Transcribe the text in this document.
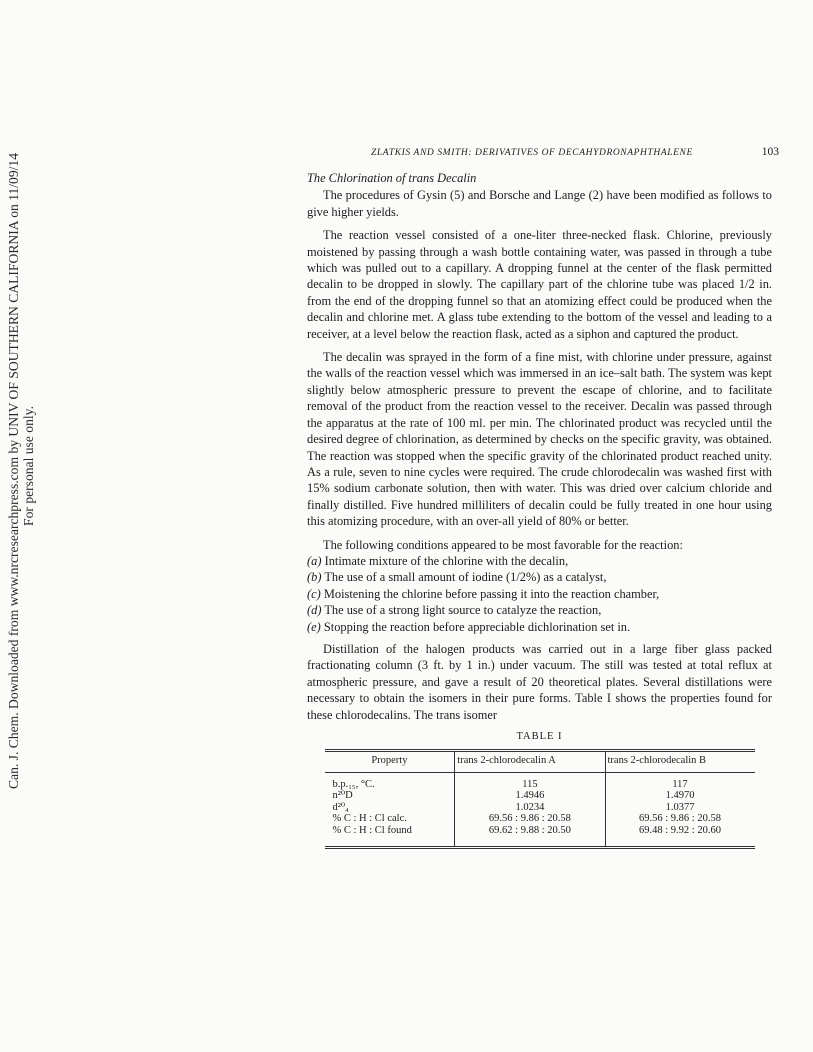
Can. J. Chem. Downloaded from www.nrcresearchpress.com by UNIV OF SOUTHERN CALIFORNIA on 11/09/14 For personal use only.
ZLATKIS AND SMITH: DERIVATIVES OF DECAHYDRONAPHTHALENE	103

The Chlorination of trans Decalin

The procedures of Gysin (5) and Borsche and Lange (2) have been modified as follows to give higher yields.

The reaction vessel consisted of a one-liter three-necked flask. Chlorine, previously moistened by passing through a wash bottle containing water, was passed in through a tube which was pulled out to a capillary. A dropping funnel at the center of the flask permitted decalin to be dropped in slowly. The capillary part of the chlorine tube was placed 1/2 in. from the end of the dropping funnel so that an atomizing effect could be produced when the decalin and chlorine met. A glass tube extending to the bottom of the vessel and leading to a receiver, at a level below the reaction flask, acted as a siphon and captured the product.

The decalin was sprayed in the form of a fine mist, with chlorine under pressure, against the walls of the reaction vessel which was immersed in an ice–salt bath. The system was kept slightly below atmospheric pressure to prevent the escape of chlorine, and to facilitate removal of the product from the reaction vessel to the receiver. Decalin was passed through the apparatus at the rate of 100 ml. per min. The chlorinated product was recycled until the desired degree of chlorination, as determined by checks on the specific gravity, was obtained. The reaction was stopped when the specific gravity of the chlorinated product reached unity. As a rule, seven to nine cycles were required. The crude chlorodecalin was washed first with 15% sodium carbonate solution, then with water. This was dried over calcium chloride and finally distilled. Five hundred milliliters of decalin could be fully treated in one hour using this atomizing procedure, with an over-all yield of 80% or better.

The following conditions appeared to be most favorable for the reaction:

(a) Intimate mixture of the chlorine with the decalin,
(b) The use of a small amount of iodine (1/2%) as a catalyst,
(c) Moistening the chlorine before passing it into the reaction chamber,
(d) The use of a strong light source to catalyze the reaction,
(e) Stopping the reaction before appreciable dichlorination set in.

Distillation of the halogen products was carried out in a large fiber glass packed fractionating column (3 ft. by 1 in.) under vacuum. The still was tested at total reflux at atmospheric pressure, and gave a result of 20 theoretical plates. Several distillations were necessary to obtain the isomers in their pure forms. Table I shows the properties found for these chlorodecalins. The trans isomer

TABLE I
Property	trans 2-chlorodecalin A	trans 2-chlorodecalin B
b.p.₁₅, °C.	115	117
n²⁰D	1.4946	1.4970
d²⁰₄	1.0234	1.0377
% C : H : Cl calc.	69.56 : 9.86 : 20.58	69.56 : 9.86 : 20.58
% C : H : Cl found	69.62 : 9.88 : 20.50	69.48 : 9.92 : 20.60
